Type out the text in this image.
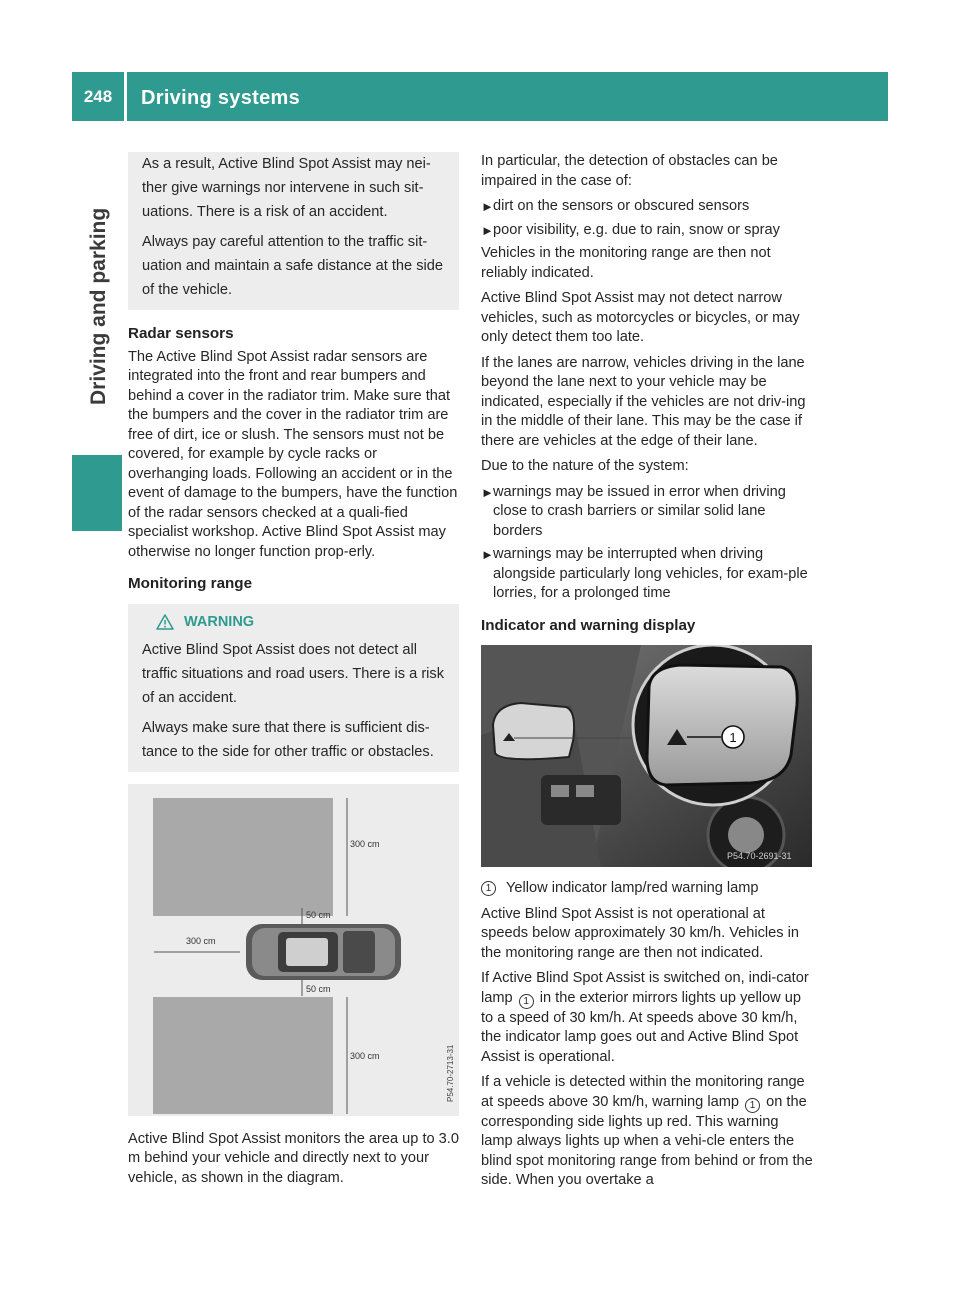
248	Driving systems
Driving and parking

As a result, Active Blind Spot Assist may nei-ther give warnings nor intervene in such sit-uations. There is a risk of an accident.

Always pay careful attention to the traffic sit-uation and maintain a safe distance at the side of the vehicle.

Radar sensors

The Active Blind Spot Assist radar sensors are integrated into the front and rear bumpers and behind a cover in the radiator trim. Make sure that the bumpers and the cover in the radiator trim are free of dirt, ice or slush. The sensors must not be covered, for example by cycle racks or overhanging loads. Following an accident or in the event of damage to the bumpers, have the function of the radar sensors checked at a quali-fied specialist workshop. Active Blind Spot Assist may otherwise no longer function prop-erly.

Monitoring range
WARNING

Active Blind Spot Assist does not detect all traffic situations and road users. There is a risk of an accident.

Always make sure that there is sufficient dis-tance to the side for other traffic or obstacles.

300 cm
50 cm
300 cm
50 cm
300 cm	P54.70-2713-31

Active Blind Spot Assist monitors the area up to 3.0 m behind your vehicle and directly next to your vehicle, as shown in the diagram.

In particular, the detection of obstacles can be impaired in the case of:

► dirt on the sensors or obscured sensors
► poor visibility, e.g. due to rain, snow or spray

Vehicles in the monitoring range are then not reliably indicated.

Active Blind Spot Assist may not detect narrow vehicles, such as motorcycles or bicycles, or may only detect them too late.

If the lanes are narrow, vehicles driving in the lane beyond the lane next to your vehicle may be indicated, especially if the vehicles are not driv-ing in the middle of their lane. This may be the case if there are vehicles at the edge of their lane.

Due to the nature of the system:

► warnings may be issued in error when driving close to crash barriers or similar solid lane borders
► warnings may be interrupted when driving alongside particularly long vehicles, for exam-ple lorries, for a prolonged time
Indicator and warning display
1
P54.70-2691-31
1	Yellow indicator lamp/red warning lamp

Active Blind Spot Assist is not operational at speeds below approximately 30 km/h. Vehicles in the monitoring range are then not indicated.

If Active Blind Spot Assist is switched on, indi-cator lamp 1 in the exterior mirrors lights up yellow up to a speed of 30 km/h. At speeds above 30 km/h, the indicator lamp goes out and Active Blind Spot Assist is operational.

If a vehicle is detected within the monitoring range at speeds above 30 km/h, warning lamp 1 on the corresponding side lights up red. This warning lamp always lights up when a vehi-cle enters the blind spot monitoring range from behind or from the side. When you overtake a
